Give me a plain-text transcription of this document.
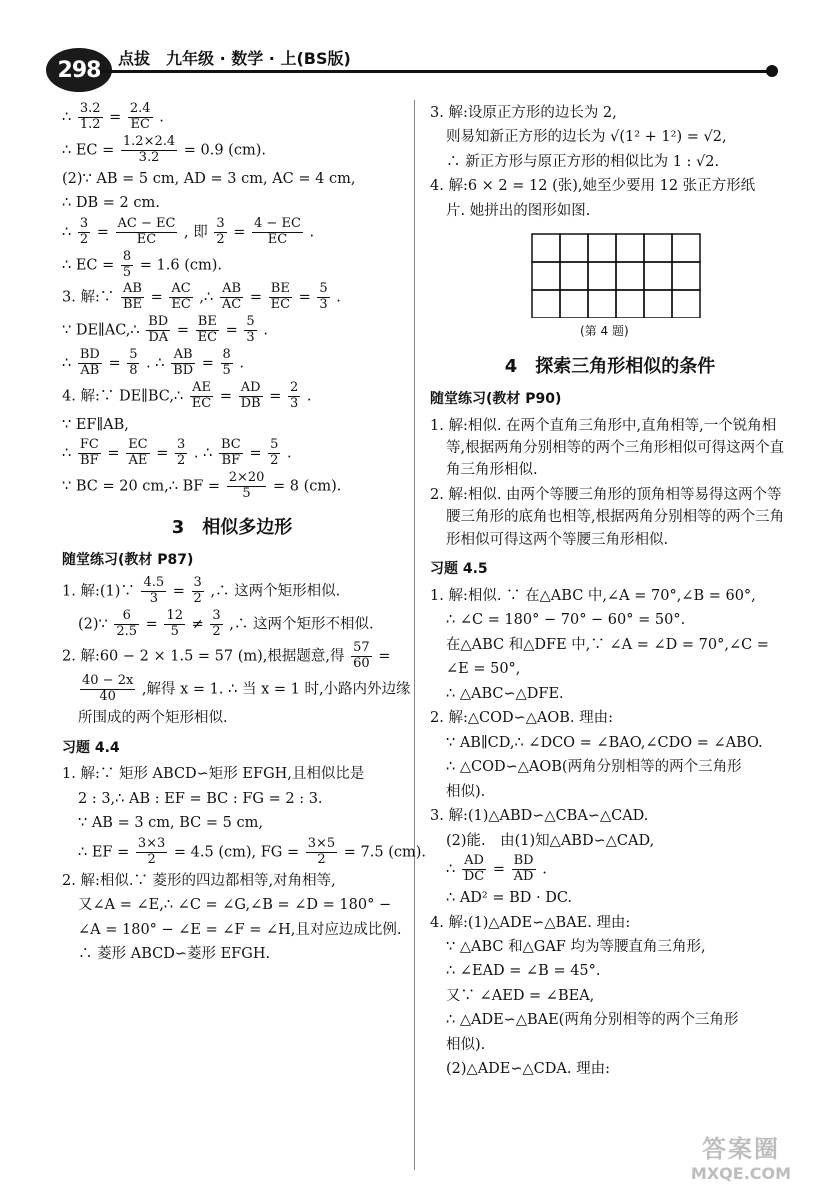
298	点拔　九年级 · 数学 · 上(BS版)
∴ $\frac{3.2}{1.2} = \frac{2.4}{EC}$ .
∴ EC = $\frac{1.2\times 2.4}{3.2} = 0.9$ (cm).
(2)∵ AB = 5 cm, AD = 3 cm, AC = 4 cm,
∴ DB = 2 cm.
∴ $\frac{3}{2} = \frac{AC - EC}{EC}$ , 即 $\frac{3}{2} = \frac{4 - EC}{EC}$ .
∴ EC = $\frac{8}{5} = 1.6$ (cm).
3. 解:∵ $\frac{AB}{BE} = \frac{AC}{EC}$ ,∴ $\frac{AB}{AC} = \frac{BE}{EC} = \frac{5}{3}$ .
∵ DE∥AC,∴ $\frac{BD}{DA} = \frac{BE}{EC} = \frac{5}{3}$ .
∴ $\frac{BD}{AB} = \frac{5}{8}$ . ∴ $\frac{AB}{BD} = \frac{8}{5}$ .
4. 解:∵ DE∥BC,∴ $\frac{AE}{EC} = \frac{AD}{DB} = \frac{2}{3}$ .
∵ EF∥AB,
∴ $\frac{FC}{BF} = \frac{EC}{AE} = \frac{3}{2}$ . ∴ $\frac{BC}{BF} = \frac{5}{2}$ .
∵ BC = 20 cm,∴ BF = $\frac{2\times 20}{5} = 8$ (cm).
3　相似多边形
随堂练习(教材 P87)
1. 解:(1)∵ $\frac{4.5}{3} = \frac{3}{2}$ ,∴ 这两个矩形相似.
(2)∵ $\frac{6}{2.5} = \frac{12}{5} \ne \frac{3}{2}$ ,∴ 这两个矩形不相似.
2. 解:60 − 2 × 1.5 = 57 (m),根据题意,得 $\frac{57}{60}$ =
$\frac{40 - 2x}{40}$ ,解得 x = 1. ∴ 当 x = 1 时,小路内外边缘
所围成的两个矩形相似.
习题 4.4
1. 解:∵ 矩形 ABCD∽矩形 EFGH,且相似比是
2 : 3,∴ AB : EF = BC : FG = 2 : 3.
∵ AB = 3 cm, BC = 5 cm,
∴ EF = $\frac{3\times 3}{2} = 4.5$ (cm), FG = $\frac{3\times 5}{2} = 7.5$ (cm).
2. 解:相似.∵ 菱形的四边都相等,对角相等,
又∠A = ∠E,∴ ∠C = ∠G,∠B = ∠D = 180° −
∠A = 180° − ∠E = ∠F = ∠H,且对应边成比例.
∴ 菱形 ABCD∽菱形 EFGH.
3. 解:设原正方形的边长为 2,
则易知新正方形的边长为 √(1² + 1²) = √2,
∴ 新正方形与原正方形的相似比为 1 : √2.
4. 解:6 × 2 = 12 (张),她至少要用 12 张正方形纸
片. 她拼出的图形如图.
(第 4 题)
4　探索三角形相似的条件
随堂练习(教材 P90)
1. 解:相似. 在两个直角三角形中,直角相等,一个锐角相等,根据两角分别相等的两个三角形相似可得这两个直角三角形相似.
2. 解:相似. 由两个等腰三角形的顶角相等易得这两个等腰三角形的底角也相等,根据两角分别相等的两个三角形相似可得这两个等腰三角形相似.
习题 4.5
1. 解:相似. ∵ 在△ABC 中,∠A = 70°,∠B = 60°,
∴ ∠C = 180° − 70° − 60° = 50°.
在△ABC 和△DFE 中,∵ ∠A = ∠D = 70°,∠C =
∠E = 50°,
∴ △ABC∽△DFE.
2. 解:△COD∽△AOB. 理由:
∵ AB∥CD,∴ ∠DCO = ∠BAO,∠CDO = ∠ABO.
∴ △COD∽△AOB(两角分别相等的两个三角形
相似).
3. 解:(1)△ABD∽△CBA∽△CAD.
(2)能.　由(1)知△ABD∽△CAD,
∴ $\frac{AD}{DC} = \frac{BD}{AD}$ .
∴ AD² = BD · DC.
4. 解:(1)△ADE∽△BAE. 理由:
∵ △ABC 和△GAF 均为等腰直角三角形,
∴ ∠EAD = ∠B = 45°.
又∵ ∠AED = ∠BEA,
∴ △ADE∽△BAE(两角分别相等的两个三角形
相似).
(2)△ADE∽△CDA. 理由:
答案圈
MXQE.COM
